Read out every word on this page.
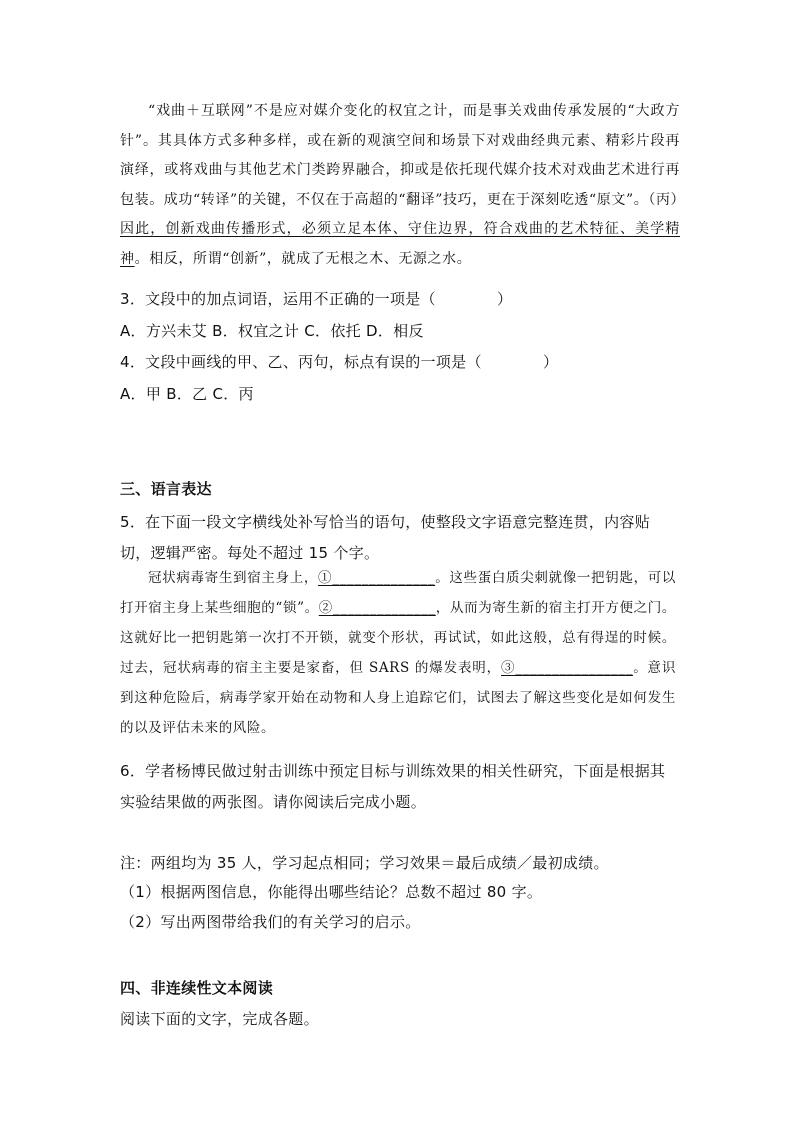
“戏曲＋互联网”不是应对媒介变化的权宜之计，而是事关戏曲传承发展的“大政方针”。其具体方式多种多样，或在新的观演空间和场景下对戏曲经典元素、精彩片段再演绎，或将戏曲与其他艺术门类跨界融合，抑或是依托现代媒介技术对戏曲艺术进行再包装。成功“转译”的关键，不仅在于高超的“翻译”技巧，更在于深刻吃透“原文”。（丙）因此，创新戏曲传播形式，必须立足本体、守住边界，符合戏曲的艺术特征、美学精神。相反，所谓“创新”，就成了无根之木、无源之水。
3．文段中的加点词语，运用不正确的一项是（　　　　）
A．方兴未艾 B．权宜之计 C．依托 D．相反
4．文段中画线的甲、乙、丙句，标点有误的一项是（　　　　）
A．甲 B．乙 C．丙
三、语言表达
5．在下面一段文字横线处补写恰当的语句，使整段文字语意完整连贯，内容贴切，逻辑严密。每处不超过 15 个字。
冠状病毒寄生到宿主身上，①______________。这些蛋白质尖刺就像一把钥匙，可以打开宿主身上某些细胞的“锁”。②______________，从而为寄生新的宿主打开方便之门。这就好比一把钥匙第一次打不开锁，就变个形状，再试试，如此这般，总有得逞的时候。过去，冠状病毒的宿主主要是家畜，但 SARS 的爆发表明，③________________。意识到这种危险后，病毒学家开始在动物和人身上追踪它们，试图去了解这些变化是如何发生的以及评估未来的风险。
6．学者杨博民做过射击训练中预定目标与训练效果的相关性研究，下面是根据其实验结果做的两张图。请你阅读后完成小题。
注：两组均为 35 人，学习起点相同；学习效果＝最后成绩／最初成绩。
（1）根据两图信息，你能得出哪些结论？总数不超过 80 字。
（2）写出两图带给我们的有关学习的启示。
四、非连续性文本阅读
阅读下面的文字，完成各题。
